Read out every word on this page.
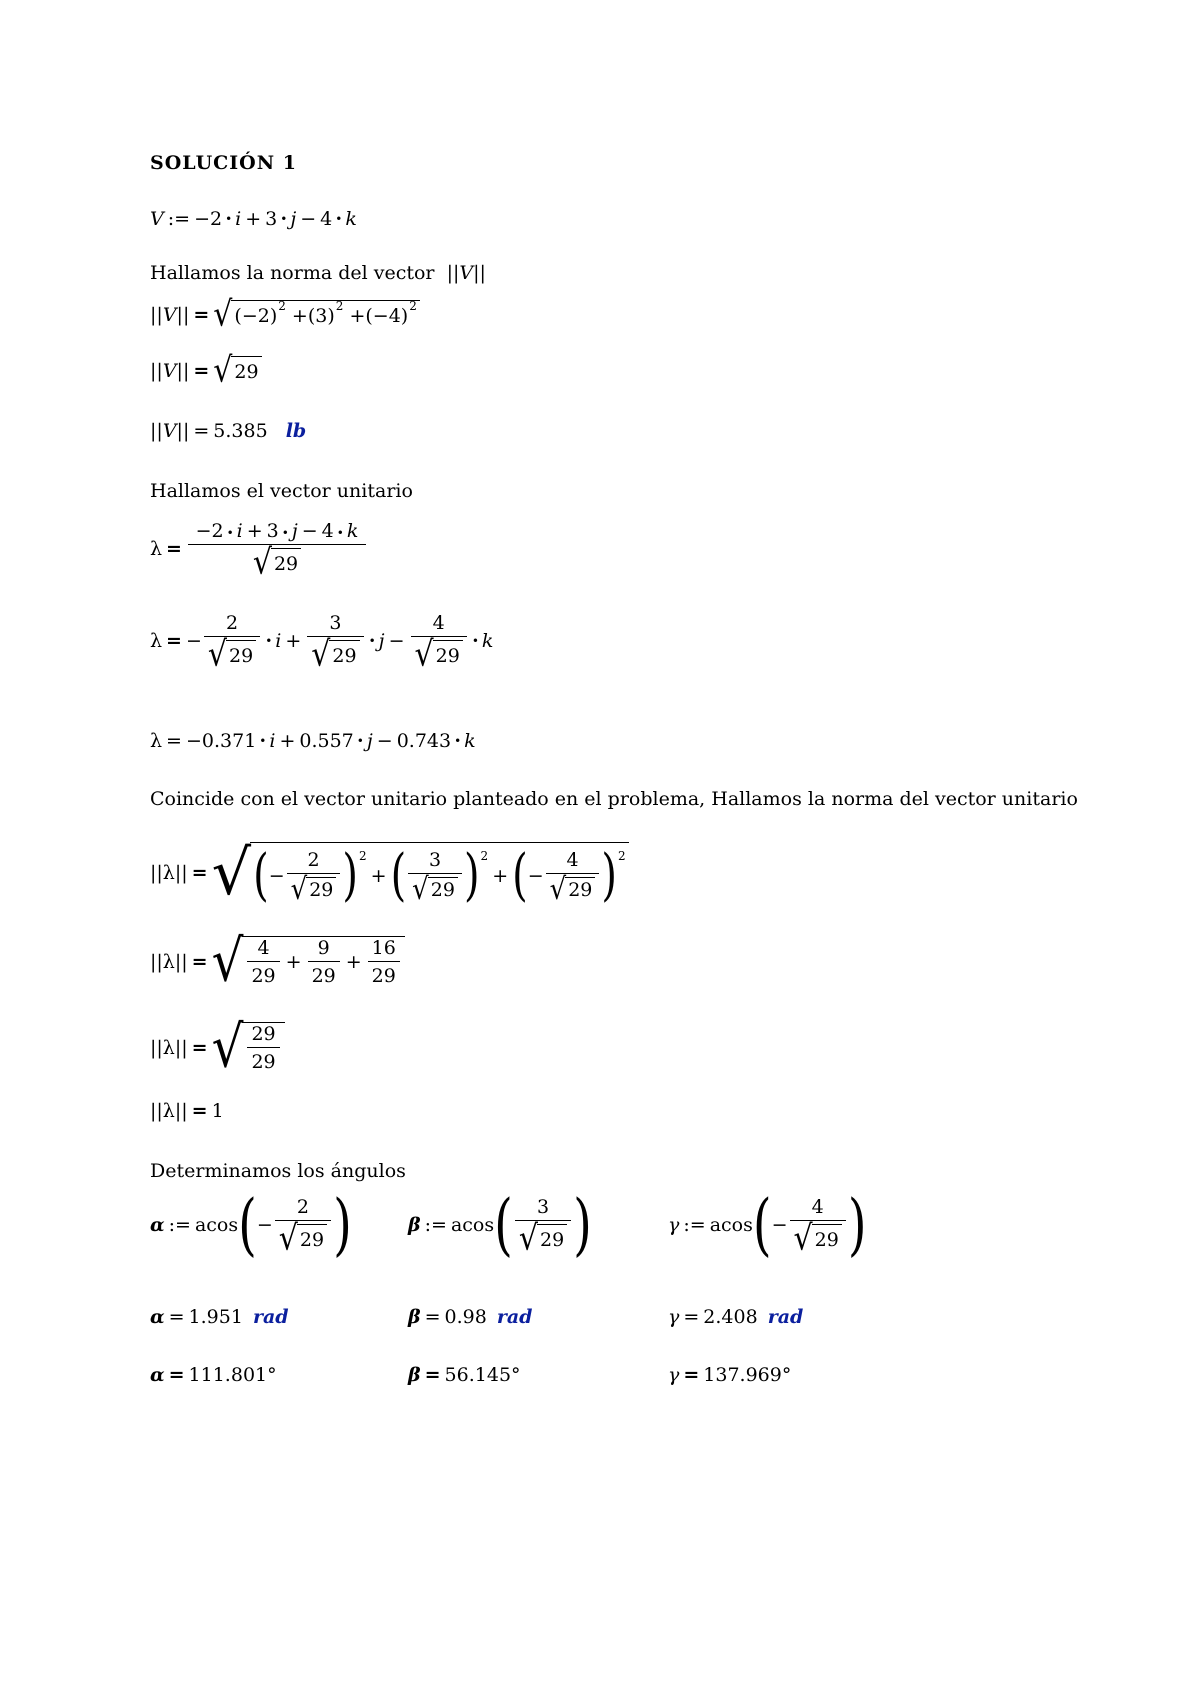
SOLUCIÓN 1
V := −2 • i + 3 • j − 4 • k
Hallamos la norma del vector
||V||
||V|| = √ $(-2)^2 +(3)^2 +(-4)^2$
||V|| = √ 29
||V|| = 5.385 lb
Hallamos el vector unitario
$\lambda = \frac{-2 • i + 3 • j - 4 • k}{√ 29}$
λ = − $\frac{2}{√ 29}$ • $i + \frac{3}{√ 29}$ • $j - \frac{4}{√ 29}$ • k
λ = − 0.371 • i + 0.557 • j − 0.743 • k
Coincide con el vector unitario planteado en el problema, Hallamos la norma del vector unitario
||λ|| = √ ( − $\frac{2}{√ 29} )^2$
+ ( $\frac{3}{√ 29} )^2$
+ ( − $\frac{4}{√ 29} )^2$
||λ|| = √ $\frac{4}{29} + \frac{9}{29} + \frac{16}{29}$
||λ|| = √ $\frac{29}{29}$
||λ|| = 1
Determinamos los ángulos
α := acos ( − $\frac{2}{√ 29}$ )	β := acos ( $\frac{3}{√ 29}$ )	γ := acos ( − $\frac{4}{√ 29}$ )
α = 1.951 rad	β = 0.98 rad	γ = 2.408 rad
α = 111.801°	β = 56.145°	γ = 137.969°
